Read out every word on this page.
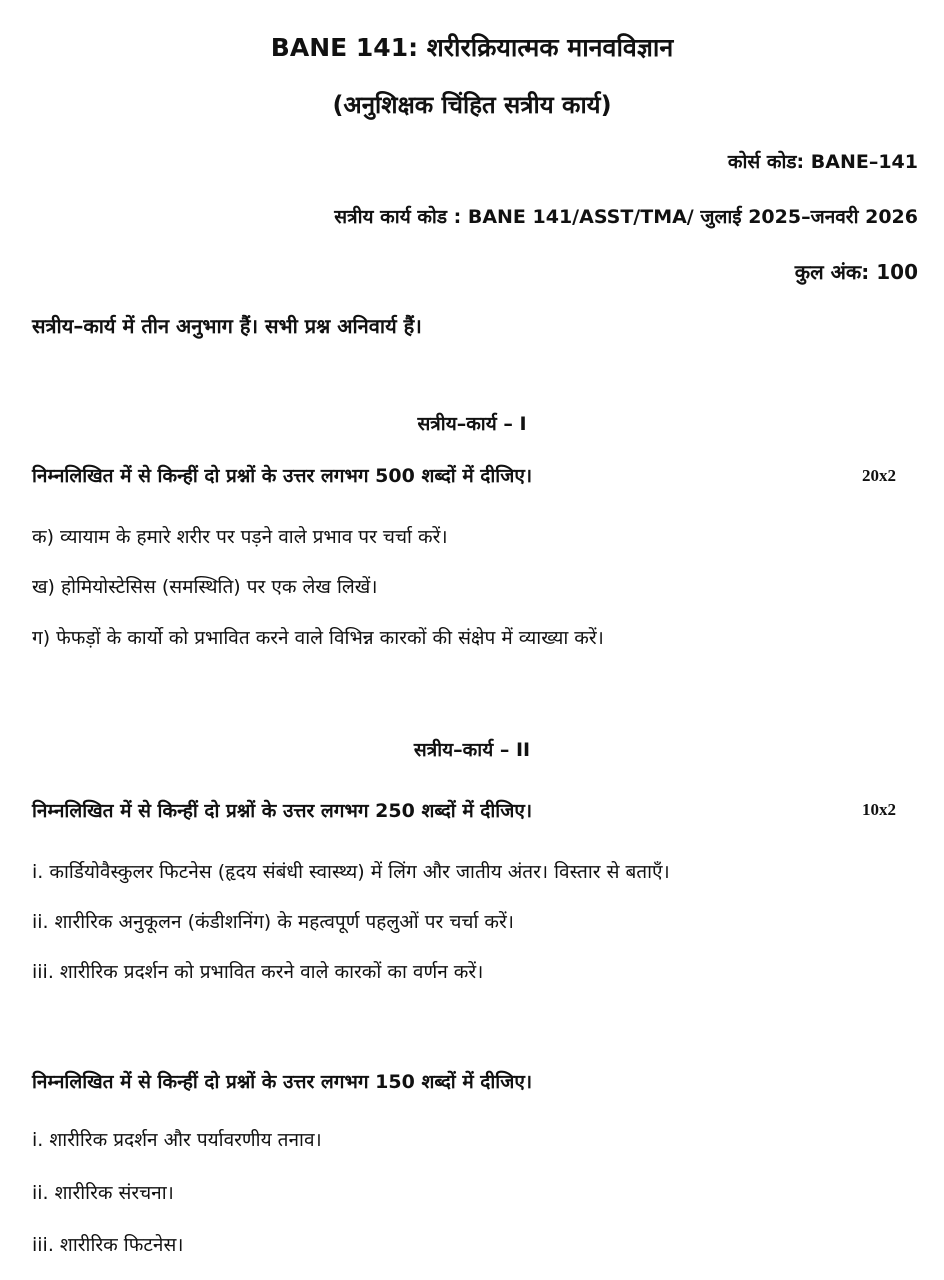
BANE 141: शरीरक्रियात्मक मानवविज्ञान
(अनुशिक्षक चिंहित सत्रीय कार्य)
कोर्स कोड: BANE–141
सत्रीय कार्य कोड : BANE 141/ASST/TMA/ जुलाई 2025–जनवरी 2026
कुल अंक: 100
सत्रीय–कार्य में तीन अनुभाग हैं। सभी प्रश्न अनिवार्य हैं।
सत्रीय–कार्य – I
निम्नलिखित में से किन्हीं दो प्रश्नों के उत्तर लगभग 500 शब्दों में दीजिए।	20x2
क) व्यायाम के हमारे शरीर पर पड़ने वाले प्रभाव पर चर्चा करें।
ख) होमियोस्टेसिस (समस्थिति) पर एक लेख लिखें।
ग) फेफड़ों के कार्यो को प्रभावित करने वाले विभिन्न कारकों की संक्षेप में व्याख्या करें।
सत्रीय–कार्य – II
निम्नलिखित में से किन्हीं दो प्रश्नों के उत्तर लगभग 250 शब्दों में दीजिए।	10x2
i. कार्डियोवैस्कुलर फिटनेस (हृदय संबंधी स्वास्थ्य) में लिंग और जातीय अंतर। विस्तार से बताएँ।
ii. शारीरिक अनुकूलन (कंडीशनिंग) के महत्वपूर्ण पहलुओं पर चर्चा करें।
iii. शारीरिक प्रदर्शन को प्रभावित करने वाले कारकों का वर्णन करें।
निम्नलिखित में से किन्हीं दो प्रश्नों के उत्तर लगभग 150 शब्दों में दीजिए।
i. शारीरिक प्रदर्शन और पर्यावरणीय तनाव।
ii. शारीरिक संरचना।
iii. शारीरिक फिटनेस।
